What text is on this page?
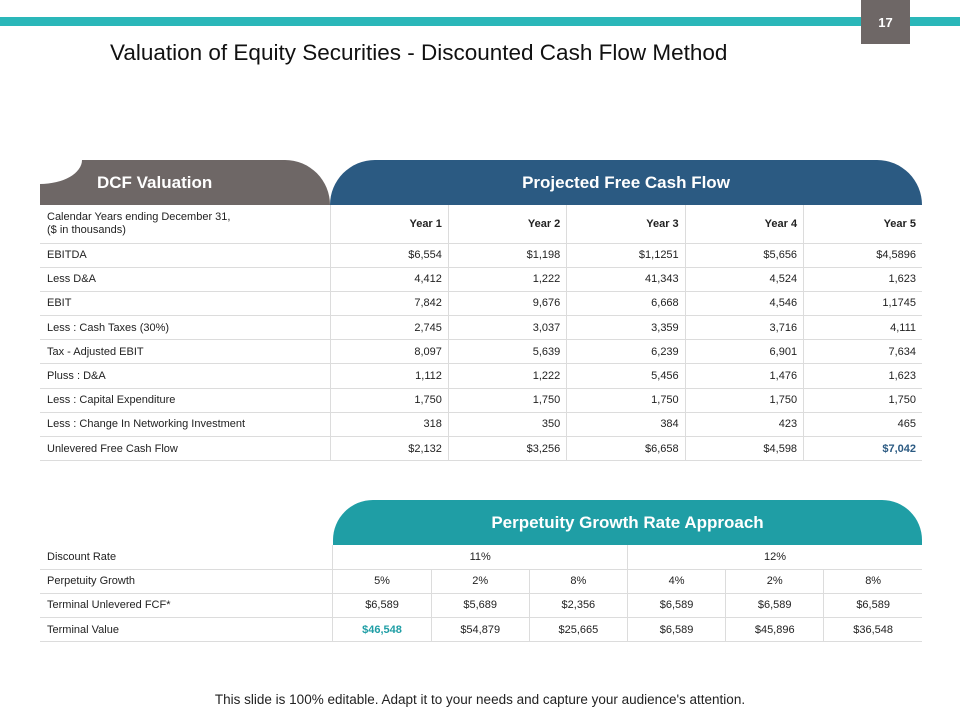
17
Valuation of Equity Securities - Discounted Cash Flow Method
DCF Valuation	Projected Free Cash Flow
Calendar Years ending December 31,
($ in thousands)	Year 1	Year 2	Year 3	Year 4	Year 5
EBITDA	$6,554	$1,198	$1,1251	$5,656	$4,5896
Less D&A	4,412	1,222	41,343	4,524	1,623
EBIT	7,842	9,676	6,668	4,546	1,1745
Less : Cash Taxes (30%)	2,745	3,037	3,359	3,716	4,111
Tax - Adjusted EBIT	8,097	5,639	6,239	6,901	7,634
Pluss : D&A	1,112	1,222	5,456	1,476	1,623
Less : Capital Expenditure	1,750	1,750	1,750	1,750	1,750
Less : Change In Networking Investment	318	350	384	423	465
Unlevered Free Cash Flow	$2,132	$3,256	$6,658	$4,598	$7,042
Perpetuity Growth Rate Approach
Discount Rate	11%			12%		
Perpetuity Growth	5%	2%	8%	4%	2%	8%
Terminal Unlevered FCF*	$6,589	$5,689	$2,356	$6,589	$6,589	$6,589
Terminal Value	$46,548	$54,879	$25,665	$6,589	$45,896	$36,548
This slide is 100% editable. Adapt it to your needs and capture your audience's attention.
